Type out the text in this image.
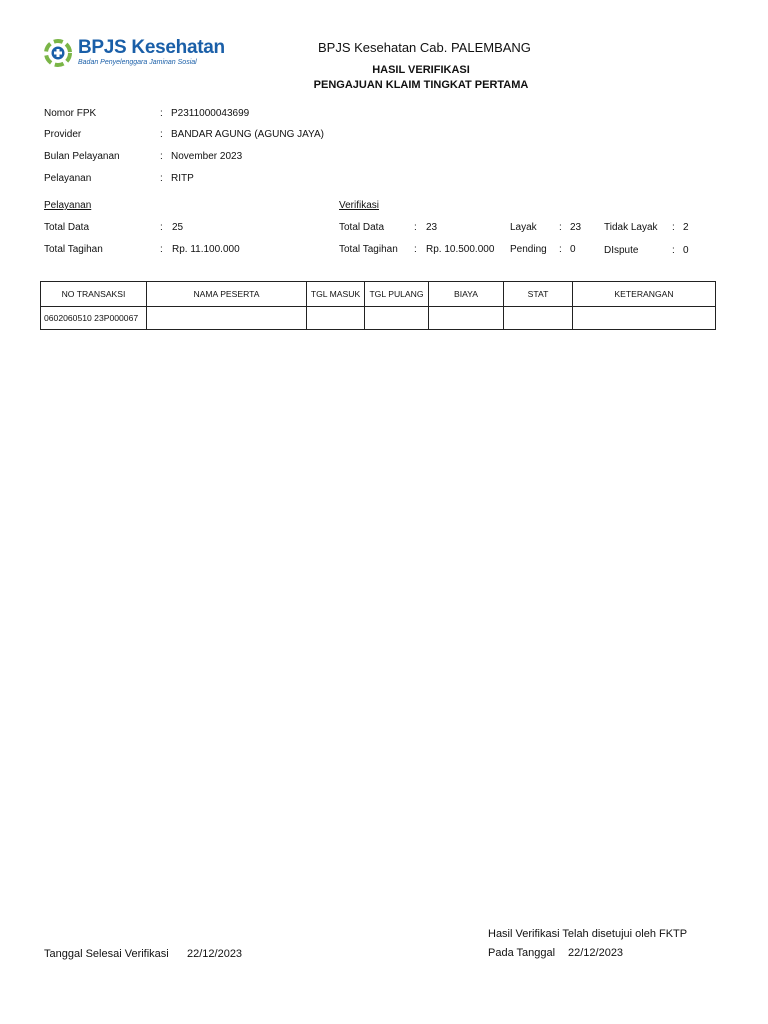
BPJS Kesehatan
Badan Penyelenggara Jaminan Sosial
BPJS Kesehatan Cab. PALEMBANG
HASIL VERIFIKASI
PENGAJUAN KLAIM TINGKAT PERTAMA
Nomor FPK	: P2311000043699
Provider	: BANDAR AGUNG (AGUNG JAYA)
Bulan Pelayanan	: November 2023
Pelayanan	: RITP
Pelayanan
Total Data	: 25
Total Tagihan	: Rp. 11.100.000
Verifikasi
Total Data	: 23
Total Tagihan : Rp. 10.500.000
Layak : 23 Tidak Layak : 2
Pending : 0	DIspute	: 0
NO TRANSAKSI	NAMA PESERTA	TGL MASUK	TGL PULANG	BIAYA	STAT	KETERANGAN
0602060510 23P000067						
Tanggal Selesai Verifikasi 22/12/2023
Hasil Verifikasi Telah disetujui oleh FKTP
Pada Tanggal 22/12/2023
